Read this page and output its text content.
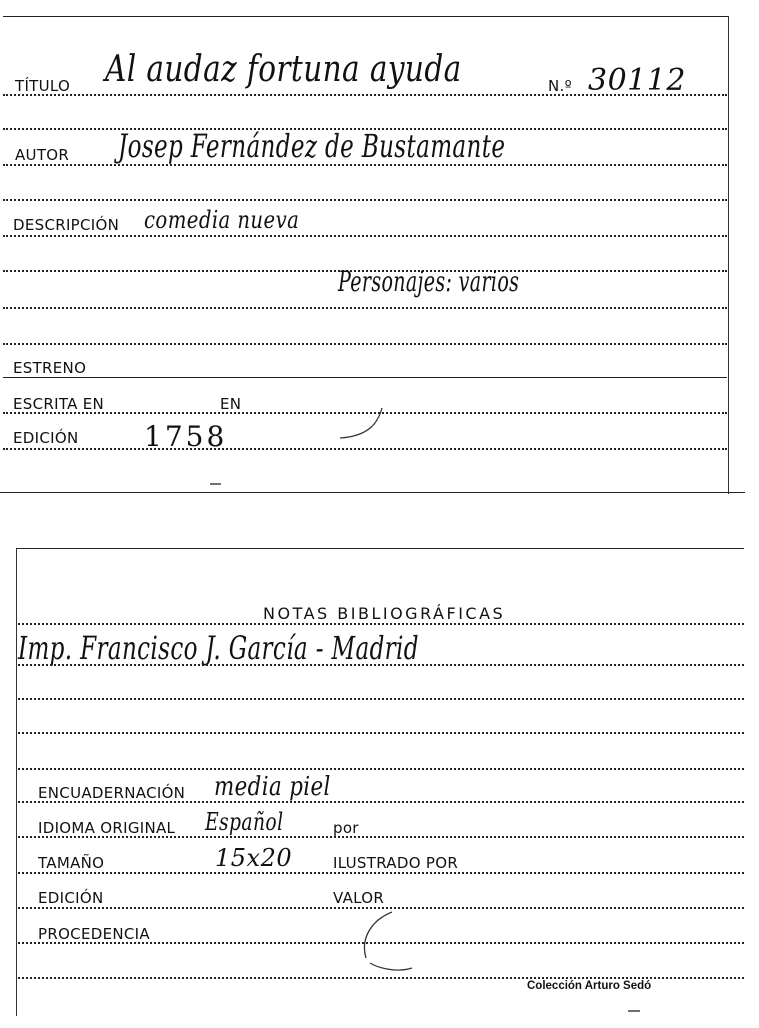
TÍTULO Al audaz fortuna ayuda	N.º 30112
AUTOR Josep Fernández de Bustamante
DESCRIPCIÓN comedia nueva
Personajes: varios
ESTRENO
ESCRITA EN	EN
EDICIÓN 1758
NOTAS BIBLIOGRÁFICAS
Imp. Francisco J. García - Madrid
ENCUADERNACIÓN media piel
IDIOMA ORIGINAL Español	por
TAMAÑO	15x20	ILUSTRADO POR
EDICIÓN	VALOR
PROCEDENCIA
Colección Arturo Sedó
